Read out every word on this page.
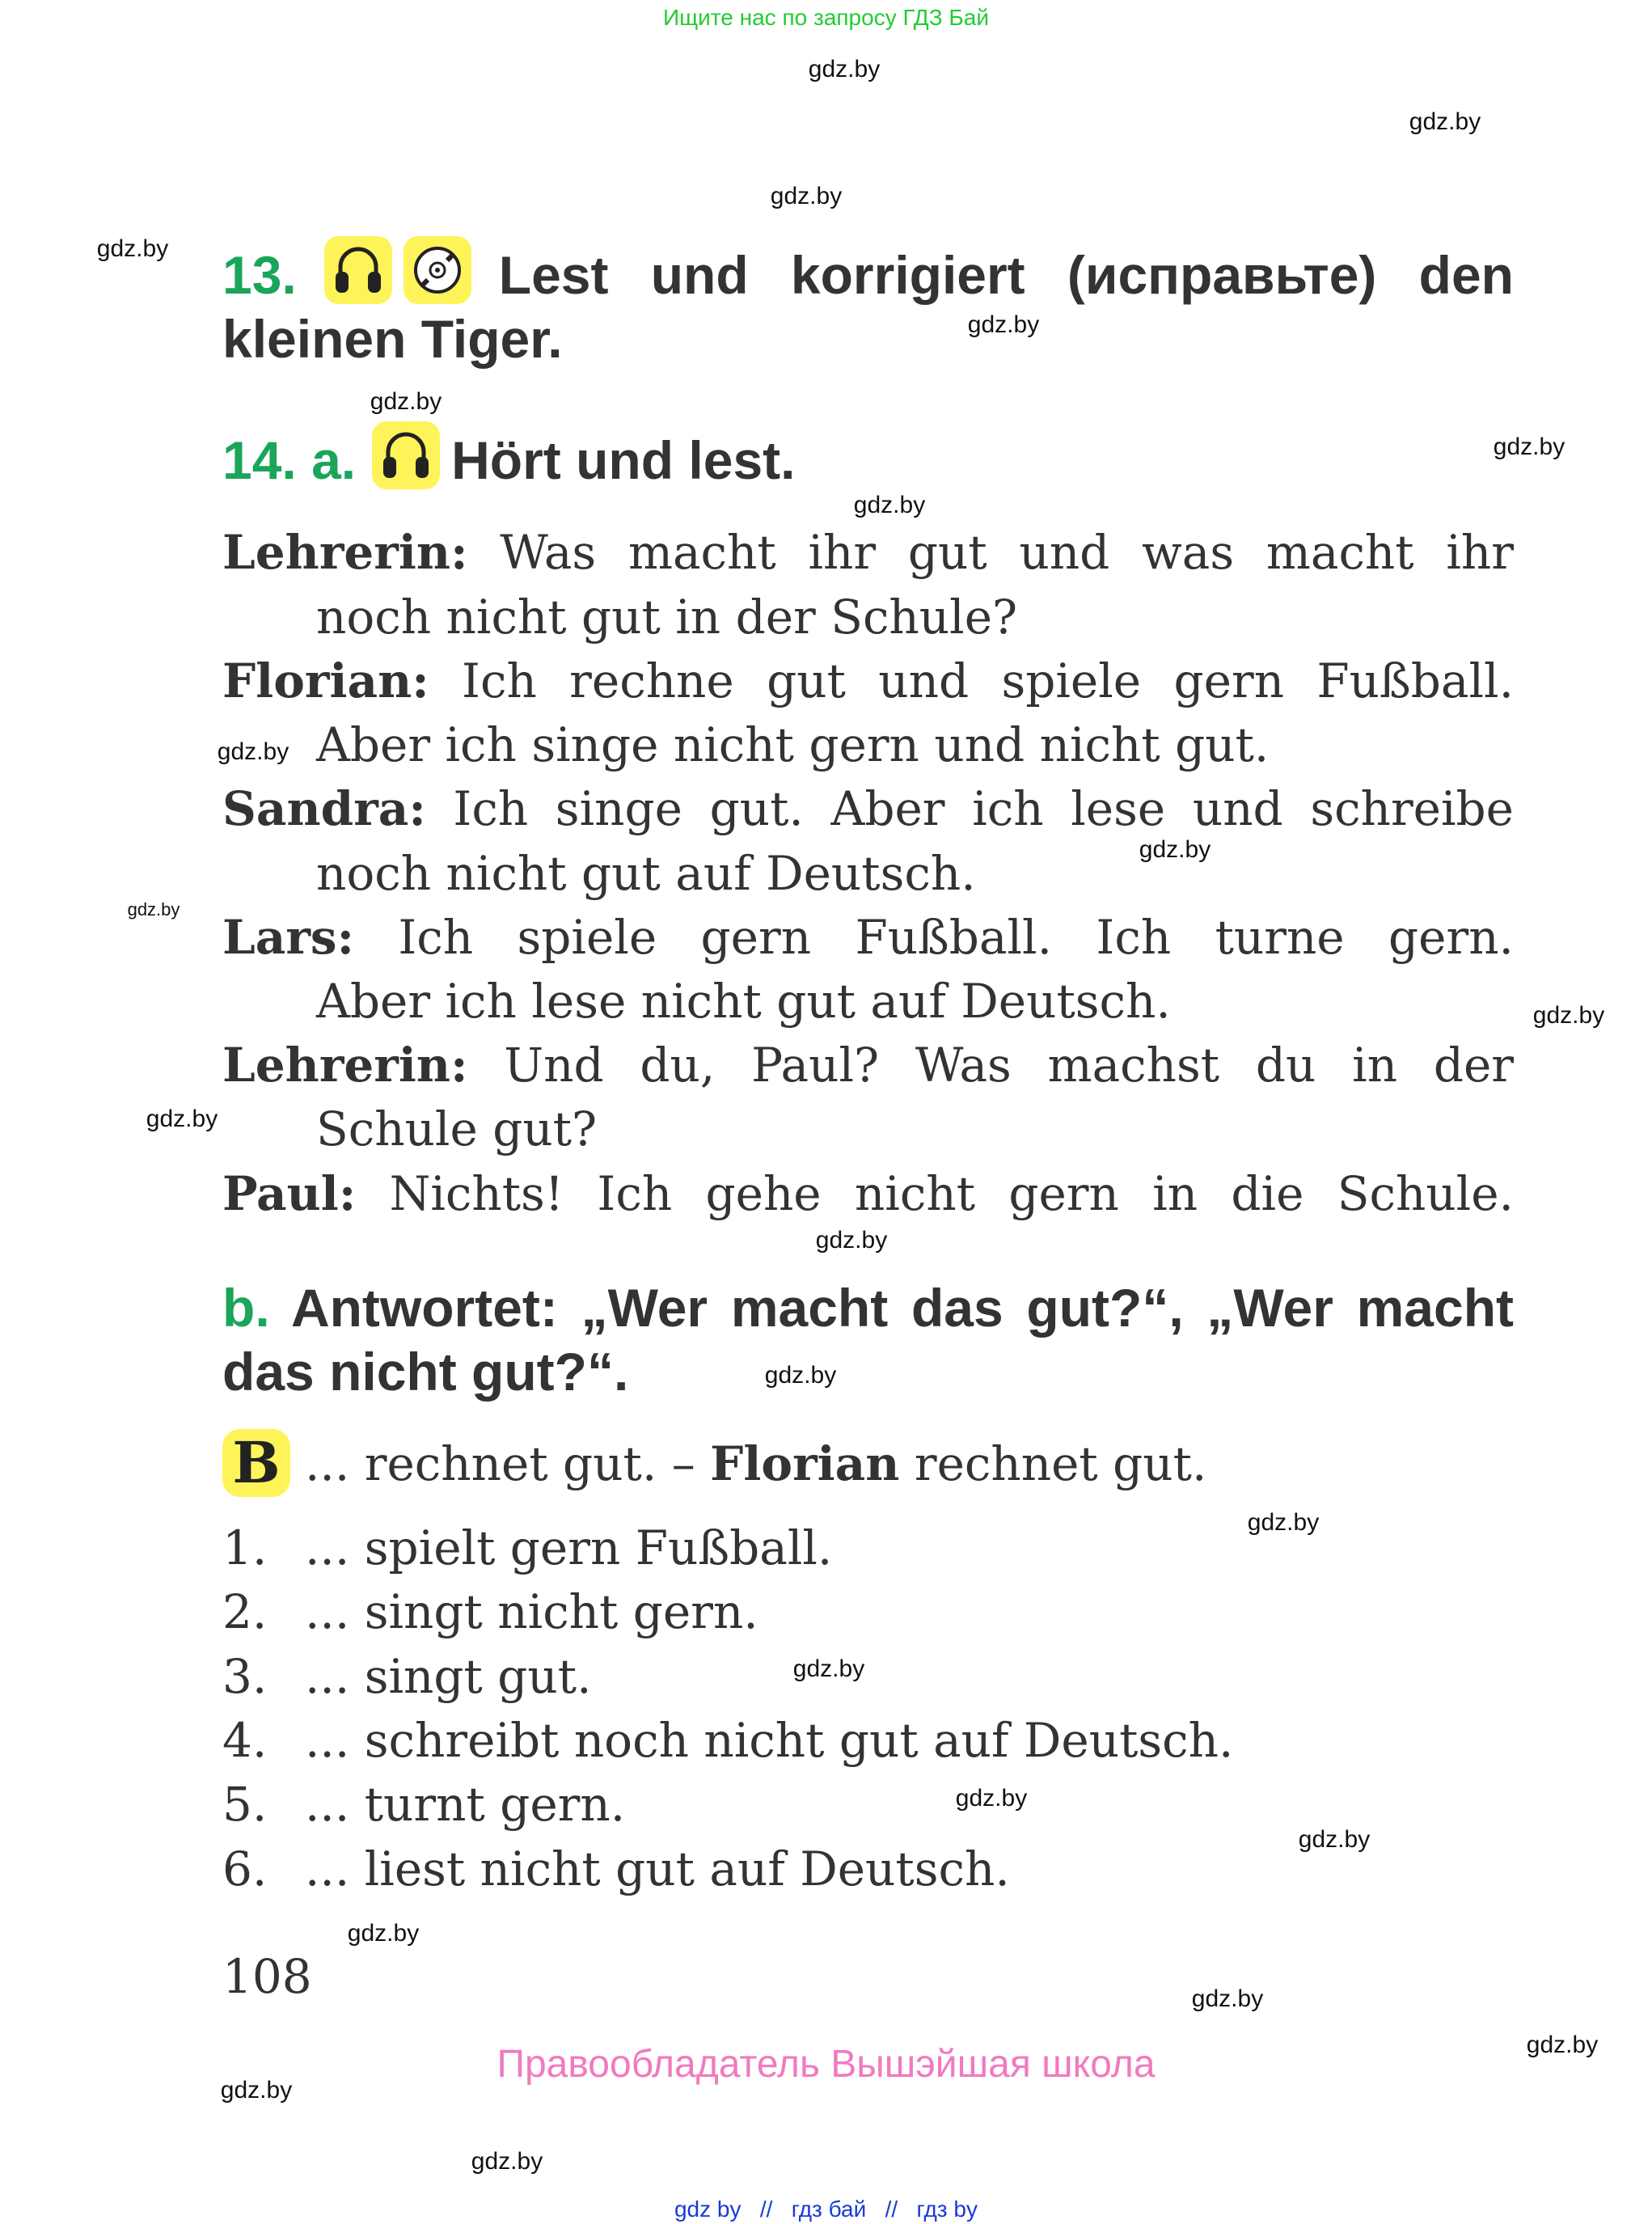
Ищите нас по запросу ГДЗ Бай
gdz.by
gdz.by
gdz.by
gdz.by
gdz.by
gdz.by
gdz.by
gdz.by
gdz.by
gdz.by
gdz.by
gdz.by
gdz.by
gdz.by
gdz.by
gdz.by
gdz.by
gdz.by
gdz.by
gdz.by
gdz.by
gdz.by
gdz.by
gdz.by
13.	Lest und korrigiert (исправьте) den
kleinen Tiger.
14. a. Hört und lest.
Lehrerin: Was macht ihr gut und was macht ihr
noch nicht gut in der Schule?
Florian: Ich rechne gut und spiele gern Fußball.
Aber ich singe nicht gern und nicht gut.
Sandra: Ich singe gut. Aber ich lese und schreibe
noch nicht gut auf Deutsch.
Lars: Ich spiele gern Fußball. Ich turne gern.
Aber ich lese nicht gut auf Deutsch.
Lehrerin: Und du, Paul? Was machst du in der
Schule gut?
Paul: Nichts! Ich gehe nicht gern in die Schule.
b. Antwortet: „Wer macht das gut?“, „Wer macht
das nicht gut?“.
B ... rechnet gut. – Florian rechnet gut.
1. ... spielt gern Fußball.
2. ... singt nicht gern.
3. ... singt gut.
4. ... schreibt noch nicht gut auf Deutsch.
5. ... turnt gern.
6. ... liest nicht gut auf Deutsch.
108
Правообладатель Вышэйшая школа
gdz by // гдз бай // гдз by
